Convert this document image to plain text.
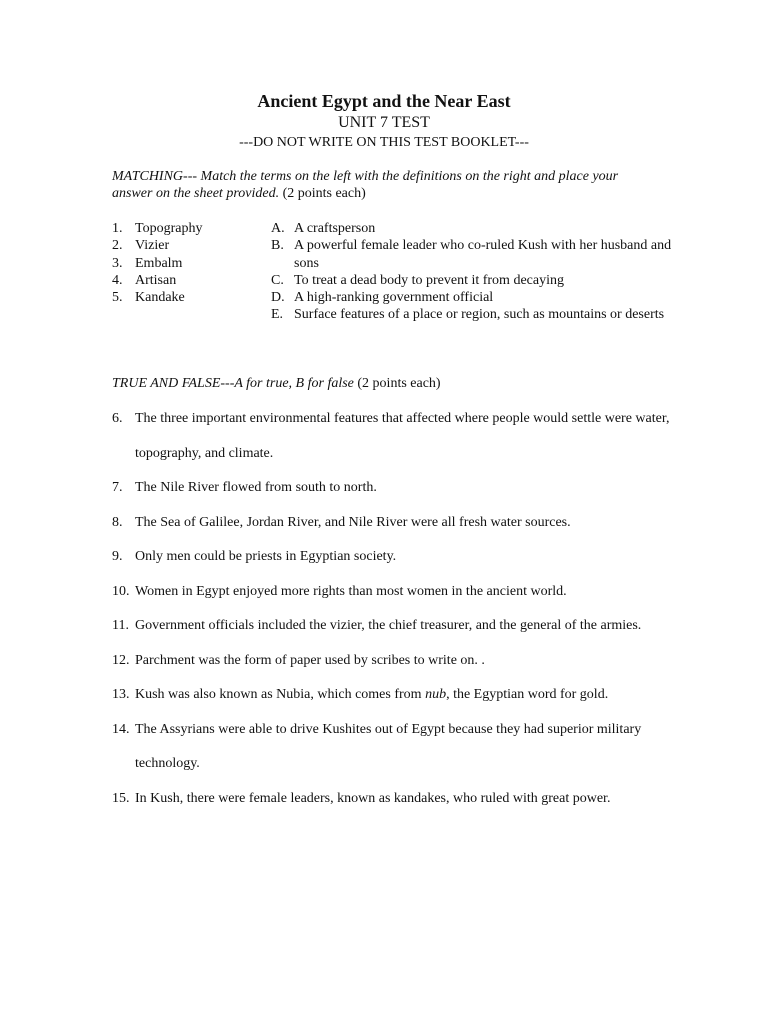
Ancient Egypt and the Near East
UNIT 7 TEST
---DO NOT WRITE ON THIS TEST BOOKLET---

MATCHING--- Match the terms on the left with the definitions on the right and place your answer on the sheet provided. (2 points each)

1. Topography
2. Vizier
3. Embalm
4. Artisan
5. Kandake
A. A craftsperson
B. A powerful female leader who co-ruled Kush with her husband and sons
C. To treat a dead body to prevent it from decaying
D. A high-ranking government official
E. Surface features of a place or region, such as mountains or deserts

TRUE AND FALSE---A for true, B for false (2 points each)

6. The three important environmental features that affected where people would settle were water, topography, and climate.

7. The Nile River flowed from south to north.

8. The Sea of Galilee, Jordan River, and Nile River were all fresh water sources.

9. Only men could be priests in Egyptian society.

10. Women in Egypt enjoyed more rights than most women in the ancient world.

11. Government officials included the vizier, the chief treasurer, and the general of the armies.

12. Parchment was the form of paper used by scribes to write on. .

13. Kush was also known as Nubia, which comes from nub, the Egyptian word for gold.

14. The Assyrians were able to drive Kushites out of Egypt because they had superior military technology.

15. In Kush, there were female leaders, known as kandakes, who ruled with great power.
